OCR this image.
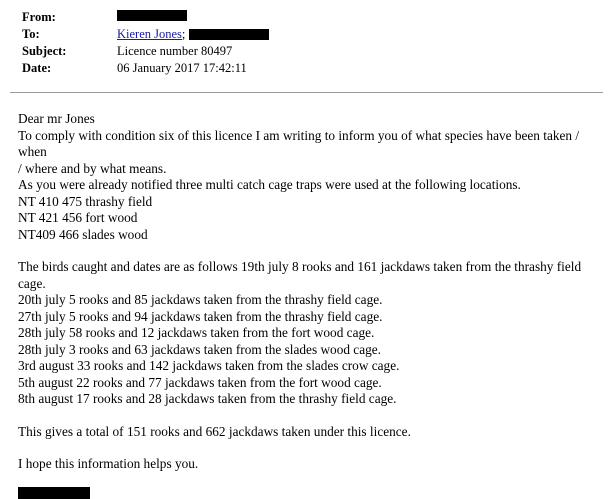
From:
To:	Kieren Jones ;
Subject:	Licence number 80497
Date:	06 January 2017 17:42:11
Dear mr Jones
To comply with condition six of this licence I am writing to inform you of what species have been taken / when
/ where and by what means.
As you were already notified three multi catch cage traps were used at the following locations.
NT 410 475 thrashy field
NT 421 456 fort wood
NT409 466 slades wood
The birds caught and dates are as follows 19th july 8 rooks and 161 jackdaws taken from the thrashy field cage.
20th july 5 rooks and 85 jackdaws taken from the thrashy field cage.
27th july 5 rooks and 94 jackdaws taken from the thrashy field cage.
28th july 58 rooks and 12 jackdaws taken from the fort wood cage.
28th july 3 rooks and 63 jackdaws taken from the slades wood cage.
3rd august 33 rooks and 142 jackdaws taken from the slades crow cage.
5th august 22 rooks and 77 jackdaws taken from the fort wood cage.
8th august 17 rooks and 28 jackdaws taken from the thrashy field cage.
This gives a total of 151 rooks and 662 jackdaws taken under this licence.
I hope this information helps you.
